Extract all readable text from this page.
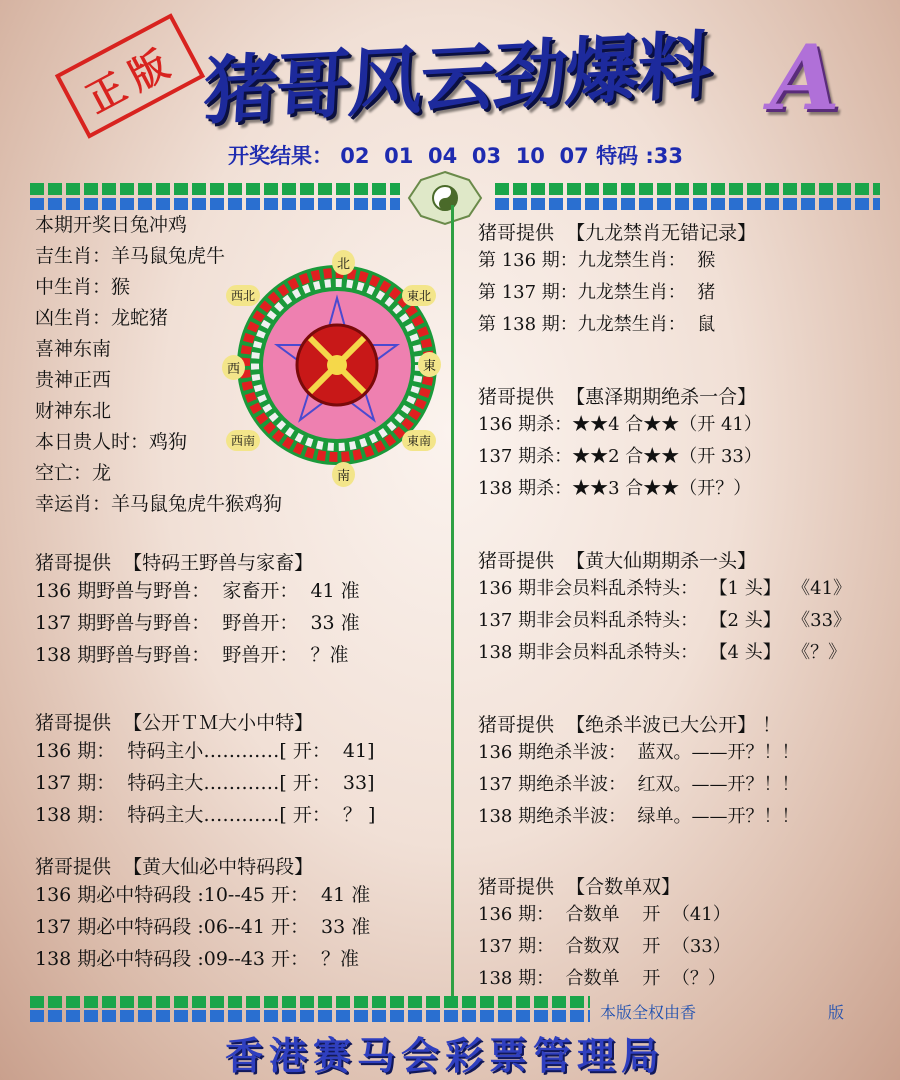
正版 猪哥风云劲爆料 A
开奖结果： 02  01  04  03  10  07 特码 :33
本期开奖日兔冲鸡
吉生肖：羊马鼠兔虎牛
中生肖：猴
凶生肖：龙蛇猪
喜神东南
贵神正西
财神东北
本日贵人时：鸡狗
空亡：龙
幸运肖：羊马鼠兔虎牛猴鸡狗
北
東
南
西
西北	東北
東南
西南
猪哥提供  【特码王野兽与家畜】
136 期野兽与野兽：  家畜开：  41 准
137 期野兽与野兽：  野兽开：  33 准
138 期野兽与野兽：  野兽开：  ？准
猪哥提供  【公开ＴＭ大小中特】
136 期：  特码主小…………[ 开：  41]
137 期：  特码主大…………[ 开：  33]
138 期：  特码主大…………[ 开：  ？ ]
猪哥提供  【黄大仙必中特码段】
136 期必中特码段 :10--45 开：  41 准
137 期必中特码段 :06--41 开：  33 准
138 期必中特码段 :09--43 开：  ？准
猪哥提供  【九龙禁肖无错记录】
第 136 期：九龙禁生肖：  猴
第 137 期：九龙禁生肖：  猪
第 138 期：九龙禁生肖：  鼠
猪哥提供  【惠泽期期绝杀一合】
136 期杀：★★4 合★★（开 41）
137 期杀：★★2 合★★（开 33）
138 期杀：★★3 合★★（开？）
猪哥提供  【黄大仙期期杀一头】
136 期非会员料乱杀特头：  【1 头】  《41》
137 期非会员料乱杀特头：  【2 头】  《33》
138 期非会员料乱杀特头：  【4 头】  《？》
猪哥提供  【绝杀半波已大公开】 ！
136 期绝杀半波：  蓝双。——开？！！
137 期绝杀半波：  红双。——开？！！
138 期绝杀半波：  绿单。——开？！！
猪哥提供  【合数单双】
136 期：  合数单    开  （41）
137 期：  合数双    开  （33）
138 期：  合数单    开  （？）
本版全权由香	版
香港赛马会彩票管理局
